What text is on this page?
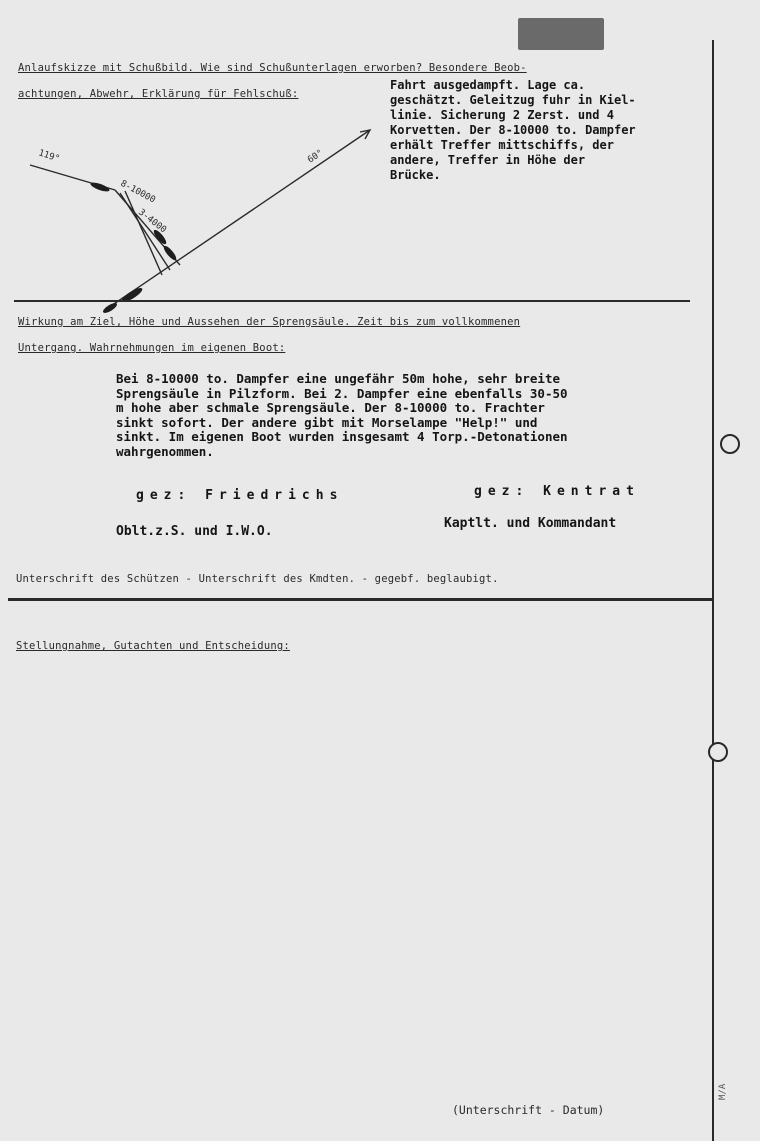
Anlaufskizze mit Schußbild. Wie sind Schußunterlagen erworben? Besondere Beob-
achtungen, Abwehr, Erklärung für Fehlschuß:
Fahrt ausgedampft. Lage ca.
geschätzt. Geleitzug fuhr in Kiel-
linie. Sicherung 2 Zerst. und 4
Korvetten. Der 8-10000 to. Dampfer
erhält Treffer mittschiffs, der
andere, Treffer in Höhe der
Brücke.
119°	60°
8-10000
3-4000
Wirkung am Ziel, Höhe und Aussehen der Sprengsäule. Zeit bis zum vollkommenen
Untergang. Wahrnehmungen im eigenen Boot:
Bei 8-10000 to. Dampfer eine ungefähr 50m hohe, sehr breite
Sprengsäule in Pilzform. Bei 2. Dampfer eine ebenfalls 30-50
m hohe aber schmale Sprengsäule. Der 8-10000 to. Frachter
sinkt sofort. Der andere gibt mit Morselampe "Help!" und
sinkt. Im eigenen Boot wurden insgesamt 4 Torp.-Detonationen
wahrgenommen.
gez: Friedrichs	gez: Kentrat
Oblt.z.S. und I.W.O.
Kaptlt. und Kommandant
Unterschrift des Schützen - Unterschrift des Kmdten. - gegebf. beglaubigt.
Stellungnahme, Gutachten und Entscheidung:
(Unterschrift - Datum)
M/A
